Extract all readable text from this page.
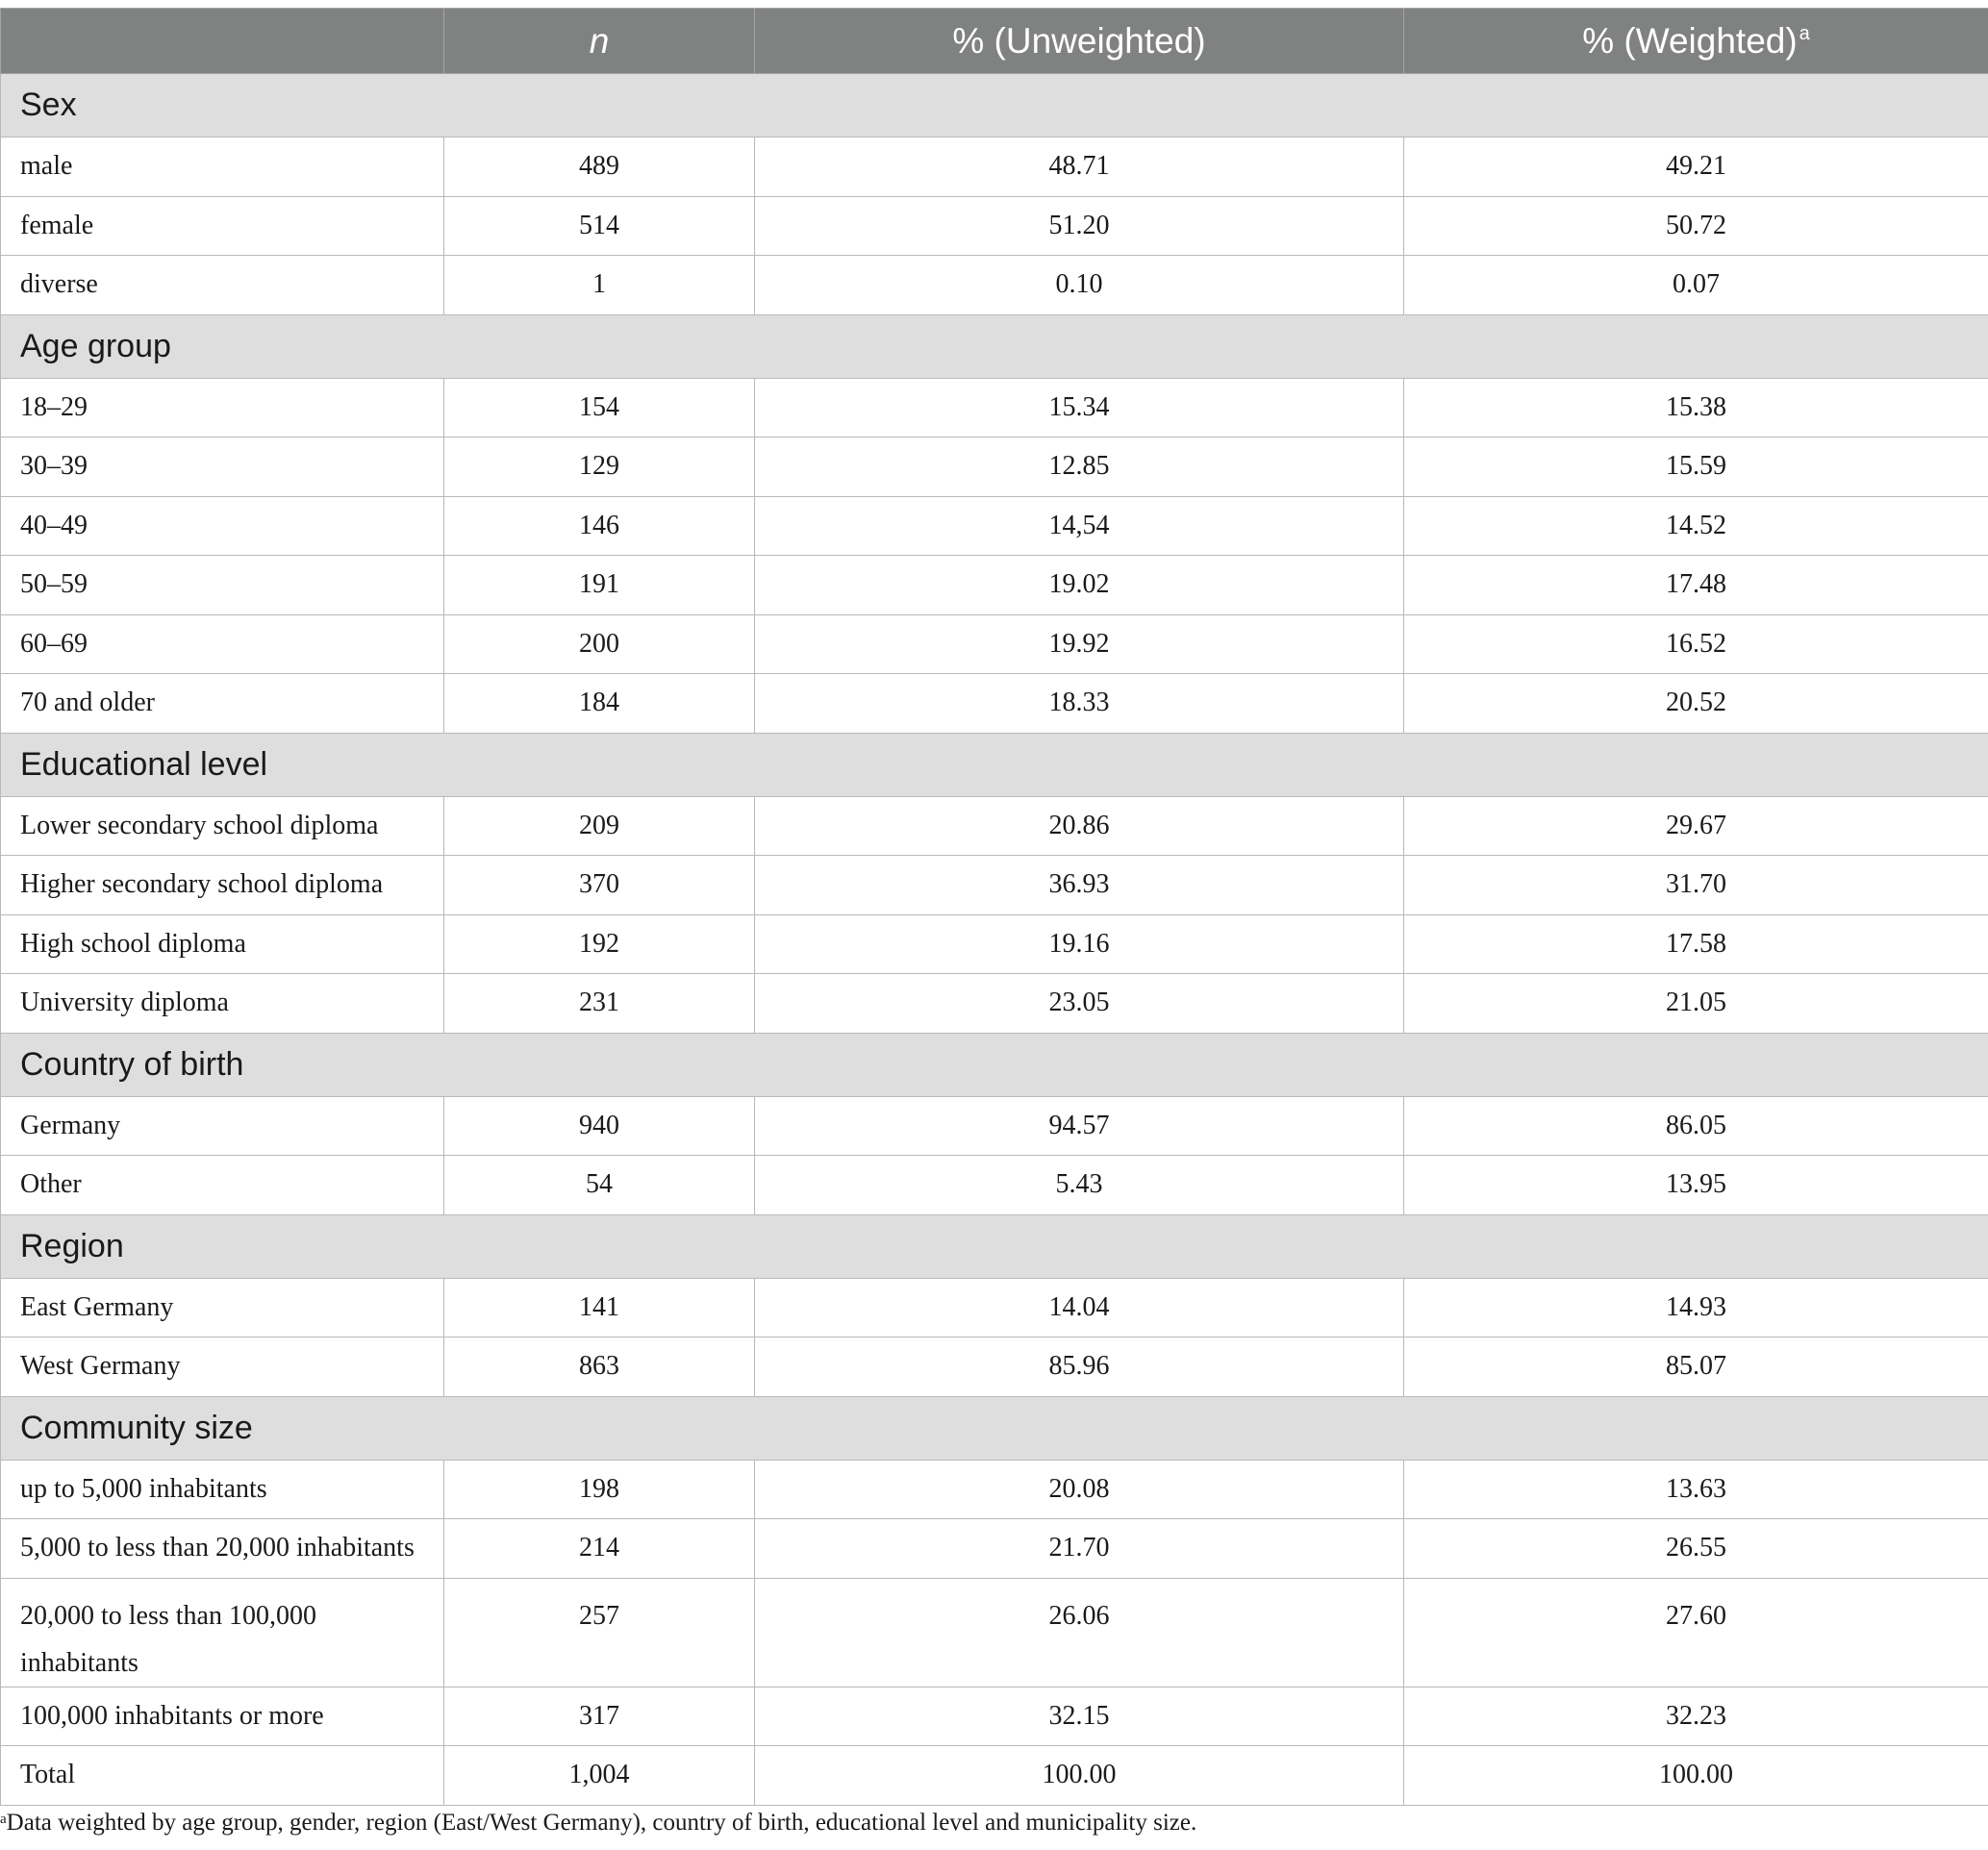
	n	% (Unweighted)	% (Weighted) $^a$
Sex			
male	489	48.71	49.21
female	514	51.20	50.72
diverse	1	0.10	0.07
Age group			
18–29	154	15.34	15.38
30–39	129	12.85	15.59
40–49	146	14,54	14.52
50–59	191	19.02	17.48
60–69	200	19.92	16.52
70 and older	184	18.33	20.52
Educational level			
Lower secondary school diploma	209	20.86	29.67
Higher secondary school diploma	370	36.93	31.70
High school diploma	192	19.16	17.58
University diploma	231	23.05	21.05
Country of birth			
Germany	940	94.57	86.05
Other	54	5.43	13.95
Region			
East Germany	141	14.04	14.93
West Germany	863	85.96	85.07
Community size			
up to 5,000 inhabitants	198	20.08	13.63
5,000 to less than 20,000 inhabitants	214	21.70	26.55
20,000 to less than 100,000
inhabitants	257	26.06	27.60
100,000 inhabitants or more	317	32.15	32.23
Total	1,004	100.00	100.00
$^a$Data weighted by age group, gender, region (East/West Germany), country of birth, educational level and municipality size.
